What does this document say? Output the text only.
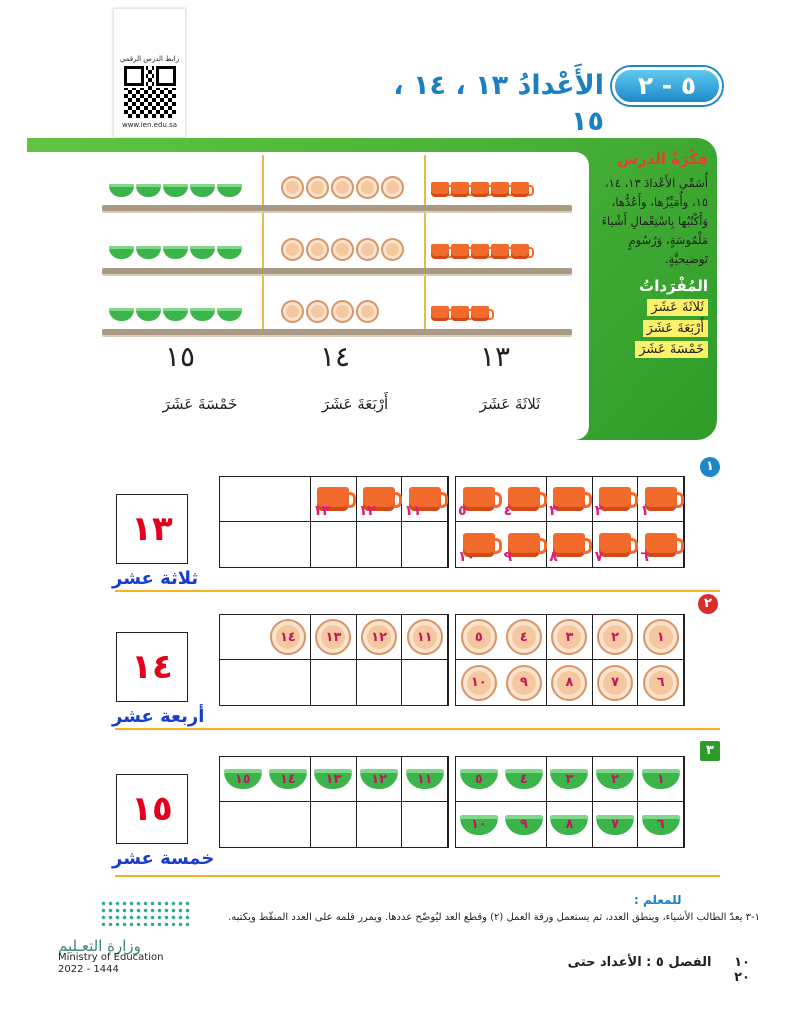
رابط الدرس الرقمي
www.ien.edu.sa
٥ - ٢
الأَعْدادُ ١٣ ، ١٤ ، ١٥
فِكْرَةُ الدرس
أُسَمِّي الأَعْدادَ ١٣، ١٤، ١٥، وأُمَيِّزُها، وأَعُدُّها، وَأَكْتُبُها بِاسْتِعْمالِ أَشْياءَ مَلْمُوسَةٍ، وَرُسُومٍ تَوضيحيَّةٍ.
المُفْرَداتُ
ثَلاثَةَ عَشَرَ
أَرْبَعَةَ عَشَرَ
خَمْسَةَ عَشَرَ
١٣
١٤
١٥
ثَلاثَةَ عَشَرَ
أَرْبَعَةَ عَشَرَ
خَمْسَةَ عَشَرَ
١
٢
٣
١
٢
٣
٤
٥
٦
٧
٨
٩
١٠
١١
١٢
١٣
١٣
ثلاثة عشر
١
٢
٣
٤
٥
٦
٧
٨
٩
١٠
١١
١٢
١٣
١٤
١٤
أربعة عشر
١
٢
٣
٤
٥
٦
٧
٨
٩
١٠
١١
١٢
١٣
١٤
١٥
١٥
خمسة عشر
للمعلم :
١-٣ يعدّ الطالب الأشياء، وينطق العدد، ثم يستعمل ورقة العمل (٢) وقطع العد ليُوضّح عددها. ويمرر قلمه على العدد المنقّط ويكتبه.
وزارة التعـليم
Ministry of Education
2022 - 1444	١٠     الفصل ٥ : الأعداد حتى ٢٠
